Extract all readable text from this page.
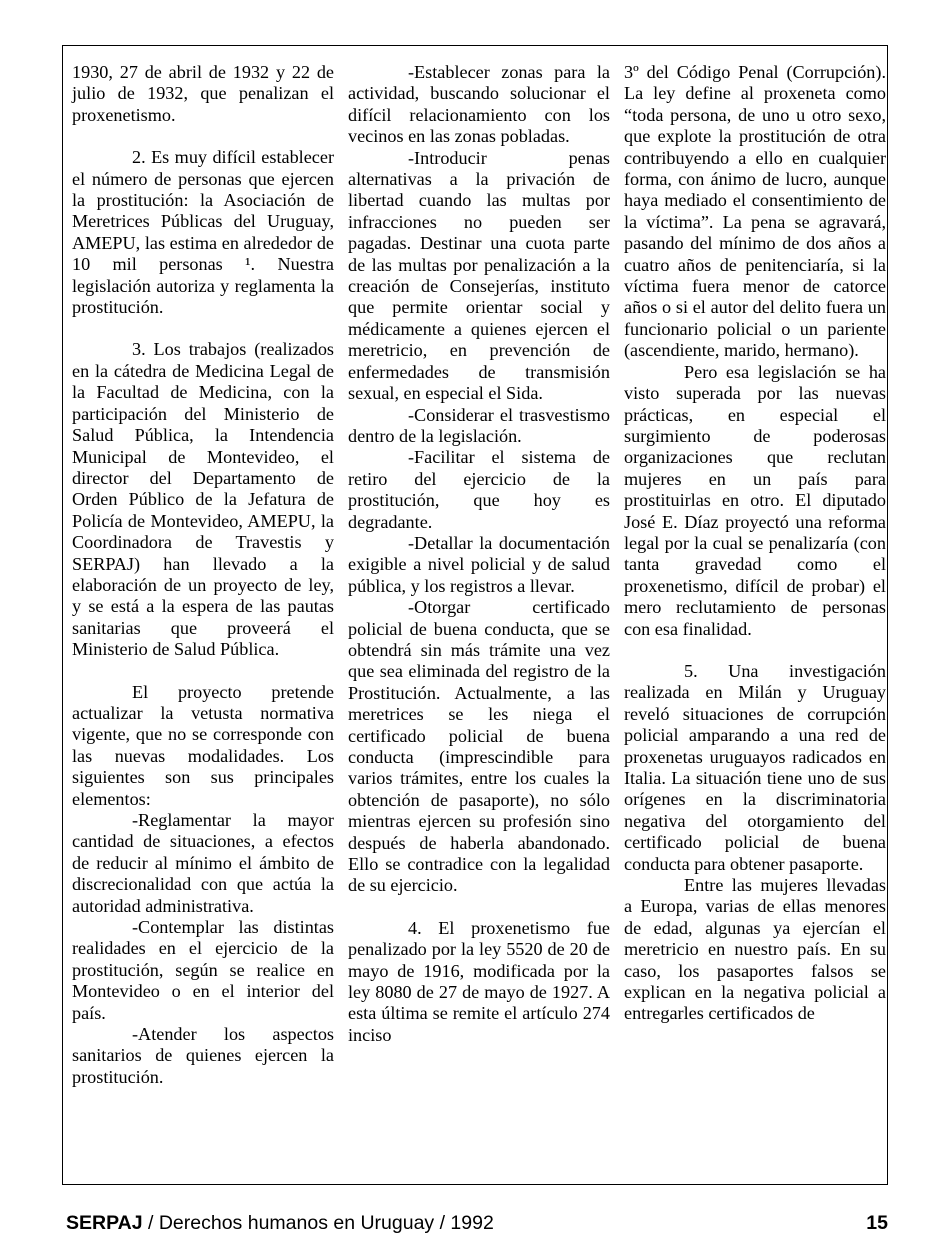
1930, 27 de abril de 1932 y 22 de julio de 1932, que penalizan el proxenetismo.

2. Es muy difícil establecer el número de personas que ejercen la prostitución: la Asociación de Meretrices Públicas del Uruguay, AMEPU, las estima en alrededor de 10 mil personas ¹. Nuestra legislación autoriza y reglamenta la prostitución.

3. Los trabajos (realizados en la cátedra de Medicina Legal de la Facultad de Medicina, con la participación del Ministerio de Salud Pública, la Intendencia Municipal de Montevideo, el director del Departamento de Orden Público de la Jefatura de Policía de Montevideo, AMEPU, la Coordinadora de Travestis y SERPAJ) han llevado a la elaboración de un proyecto de ley, y se está a la espera de las pautas sanitarias que proveerá el Ministerio de Salud Pública.

El proyecto pretende actualizar la vetusta normativa vigente, que no se corresponde con las nuevas modalidades. Los siguientes son sus principales elementos:

-Reglamentar la mayor cantidad de situaciones, a efectos de reducir al mínimo el ámbito de discrecionalidad con que actúa la autoridad administrativa.

-Contemplar las distintas realidades en el ejercicio de la prostitución, según se realice en Montevideo o en el interior del país.

-Atender los aspectos sanitarios de quienes ejercen la prostitución.

-Establecer zonas para la actividad, buscando solucionar el difícil relacionamiento con los vecinos en las zonas pobladas.

-Introducir penas alternativas a la privación de libertad cuando las multas por infracciones no pueden ser pagadas. Destinar una cuota parte de las multas por penalización a la creación de Consejerías, instituto que permite orientar social y médicamente a quienes ejercen el meretricio, en prevención de enfermedades de transmisión sexual, en especial el Sida.

-Considerar el trasvestismo dentro de la legislación.

-Facilitar el sistema de retiro del ejercicio de la prostitución, que hoy es degradante.

-Detallar la documentación exigible a nivel policial y de salud pública, y los registros a llevar.

-Otorgar certificado policial de buena conducta, que se obtendrá sin más trámite una vez que sea eliminada del registro de la Prostitución. Actualmente, a las meretrices se les niega el certificado policial de buena conducta (imprescindible para varios trámites, entre los cuales la obtención de pasaporte), no sólo mientras ejercen su profesión sino después de haberla abandonado. Ello se contradice con la legalidad de su ejercicio.

4. El proxenetismo fue penalizado por la ley 5520 de 20 de mayo de 1916, modificada por la ley 8080 de 27 de mayo de 1927. A esta última se remite el artículo 274 inciso

3º del Código Penal (Corrupción). La ley define al proxeneta como “toda persona, de uno u otro sexo, que explote la prostitución de otra contribuyendo a ello en cualquier forma, con ánimo de lucro, aunque haya mediado el consentimiento de la víctima”. La pena se agravará, pasando del mínimo de dos años a cuatro años de penitenciaría, si la víctima fuera menor de catorce años o si el autor del delito fuera un funcionario policial o un pariente (ascendiente, marido, hermano).

Pero esa legislación se ha visto superada por las nuevas prácticas, en especial el surgimiento de poderosas organizaciones que reclutan mujeres en un país para prostituirlas en otro. El diputado José E. Díaz proyectó una reforma legal por la cual se penalizaría (con tanta gravedad como el proxenetismo, difícil de probar) el mero reclutamiento de personas con esa finalidad.

5. Una investigación realizada en Milán y Uruguay reveló situaciones de corrupción policial amparando a una red de proxenetas uruguayos radicados en Italia. La situación tiene uno de sus orígenes en la discriminatoria negativa del otorgamiento del certificado policial de buena conducta para obtener pasaporte.

Entre las mujeres llevadas a Europa, varias de ellas menores de edad, algunas ya ejercían el meretricio en nuestro país. En su caso, los pasaportes falsos se explican en la negativa policial a entregarles certificados de

SERPAJ / Derechos humanos en Uruguay / 1992	15
